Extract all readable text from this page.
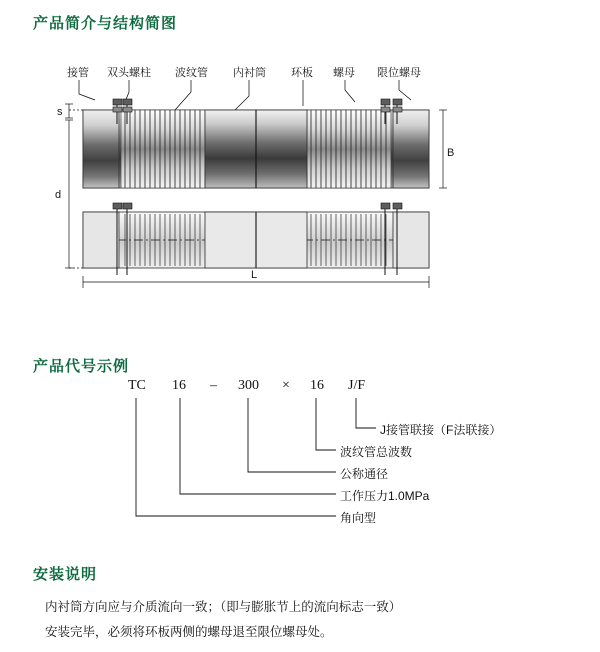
产品简介与结构简图
产品代号示例
安装说明
接管 双头螺柱 波纹管 内衬筒 环板 螺母 限位螺母
s
d
B
L
TC 16 – 300 × 16 J/F
J接管联接（F法联接）
波纹管总波数
公称通径
工作压力1.0MPa
角向型

内衬筒方向应与介质流向一致；（即与膨胀节上的流向标志一致）

安装完毕，必须将环板两侧的螺母退至限位螺母处。
